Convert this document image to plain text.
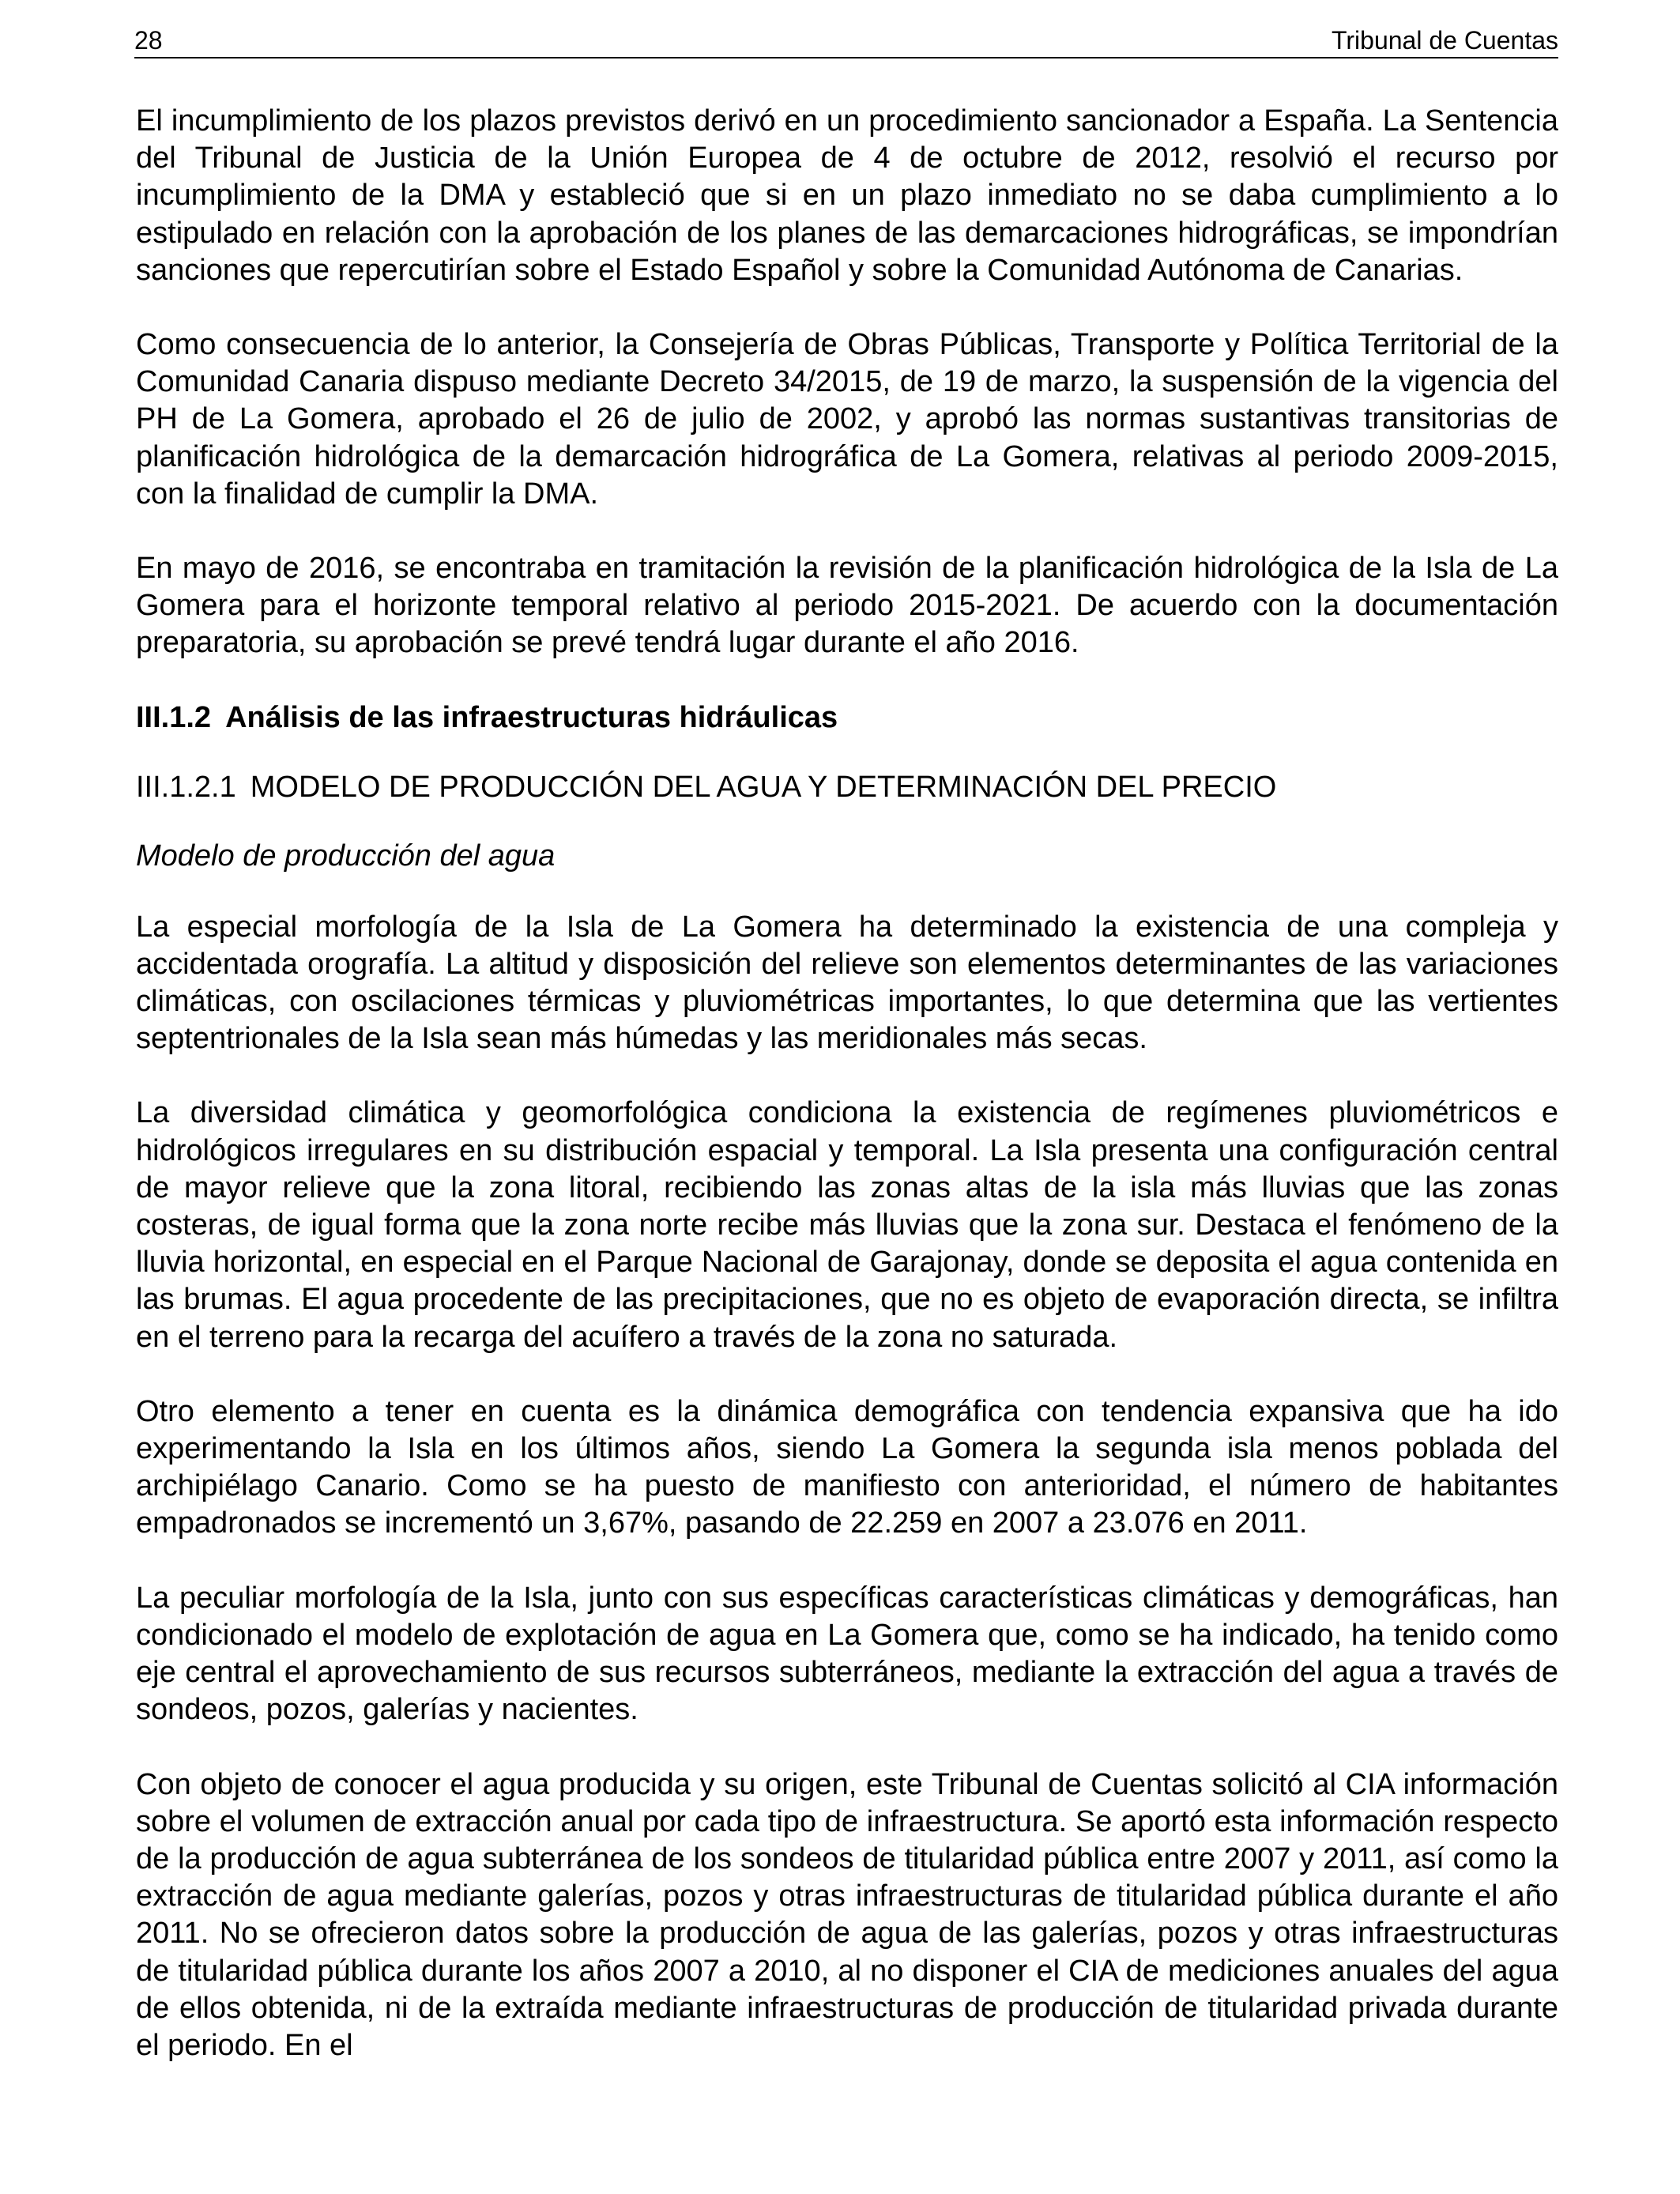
28	Tribunal de Cuentas

El incumplimiento de los plazos previstos derivó en un procedimiento sancionador a España. La Sentencia del Tribunal de Justicia de la Unión Europea de 4 de octubre de 2012, resolvió el recurso por incumplimiento de la DMA y estableció que si en un plazo inmediato no se daba cumplimiento a lo estipulado en relación con la aprobación de los planes de las demarcaciones hidrográficas, se impondrían sanciones que repercutirían sobre el Estado Español y sobre la Comunidad Autónoma de Canarias.

Como consecuencia de lo anterior, la Consejería de Obras Públicas, Transporte y Política Territorial de la Comunidad Canaria dispuso mediante Decreto 34/2015, de 19 de marzo, la suspensión de la vigencia del PH de La Gomera, aprobado el 26 de julio de 2002, y aprobó las normas sustantivas transitorias de planificación hidrológica de la demarcación hidrográfica de La Gomera, relativas al periodo 2009-2015, con la finalidad de cumplir la DMA.

En mayo de 2016, se encontraba en tramitación la revisión de la planificación hidrológica de la Isla de La Gomera para el horizonte temporal relativo al periodo 2015-2021. De acuerdo con la documentación preparatoria, su aprobación se prevé tendrá lugar durante el año 2016.

III.1.2 Análisis de las infraestructuras hidráulicas
III.1.2.1 MODELO DE PRODUCCIÓN DEL AGUA Y DETERMINACIÓN DEL PRECIO
Modelo de producción del agua

La especial morfología de la Isla de La Gomera ha determinado la existencia de una compleja y accidentada orografía. La altitud y disposición del relieve son elementos determinantes de las variaciones climáticas, con oscilaciones térmicas y pluviométricas importantes, lo que determina que las vertientes septentrionales de la Isla sean más húmedas y las meridionales más secas.

La diversidad climática y geomorfológica condiciona la existencia de regímenes pluviométricos e hidrológicos irregulares en su distribución espacial y temporal. La Isla presenta una configuración central de mayor relieve que la zona litoral, recibiendo las zonas altas de la isla más lluvias que las zonas costeras, de igual forma que la zona norte recibe más lluvias que la zona sur. Destaca el fenómeno de la lluvia horizontal, en especial en el Parque Nacional de Garajonay, donde se deposita el agua contenida en las brumas. El agua procedente de las precipitaciones, que no es objeto de evaporación directa, se infiltra en el terreno para la recarga del acuífero a través de la zona no saturada.

Otro elemento a tener en cuenta es la dinámica demográfica con tendencia expansiva que ha ido experimentando la Isla en los últimos años, siendo La Gomera la segunda isla menos poblada del archipiélago Canario. Como se ha puesto de manifiesto con anterioridad, el número de habitantes empadronados se incrementó un 3,67%, pasando de 22.259 en 2007 a 23.076 en 2011.

La peculiar morfología de la Isla, junto con sus específicas características climáticas y demográficas, han condicionado el modelo de explotación de agua en La Gomera que, como se ha indicado, ha tenido como eje central el aprovechamiento de sus recursos subterráneos, mediante la extracción del agua a través de sondeos, pozos, galerías y nacientes.

Con objeto de conocer el agua producida y su origen, este Tribunal de Cuentas solicitó al CIA información sobre el volumen de extracción anual por cada tipo de infraestructura. Se aportó esta información respecto de la producción de agua subterránea de los sondeos de titularidad pública entre 2007 y 2011, así como la extracción de agua mediante galerías, pozos y otras infraestructuras de titularidad pública durante el año 2011. No se ofrecieron datos sobre la producción de agua de las galerías, pozos y otras infraestructuras de titularidad pública durante los años 2007 a 2010, al no disponer el CIA de mediciones anuales del agua de ellos obtenida, ni de la extraída mediante infraestructuras de producción de titularidad privada durante el periodo. En el
